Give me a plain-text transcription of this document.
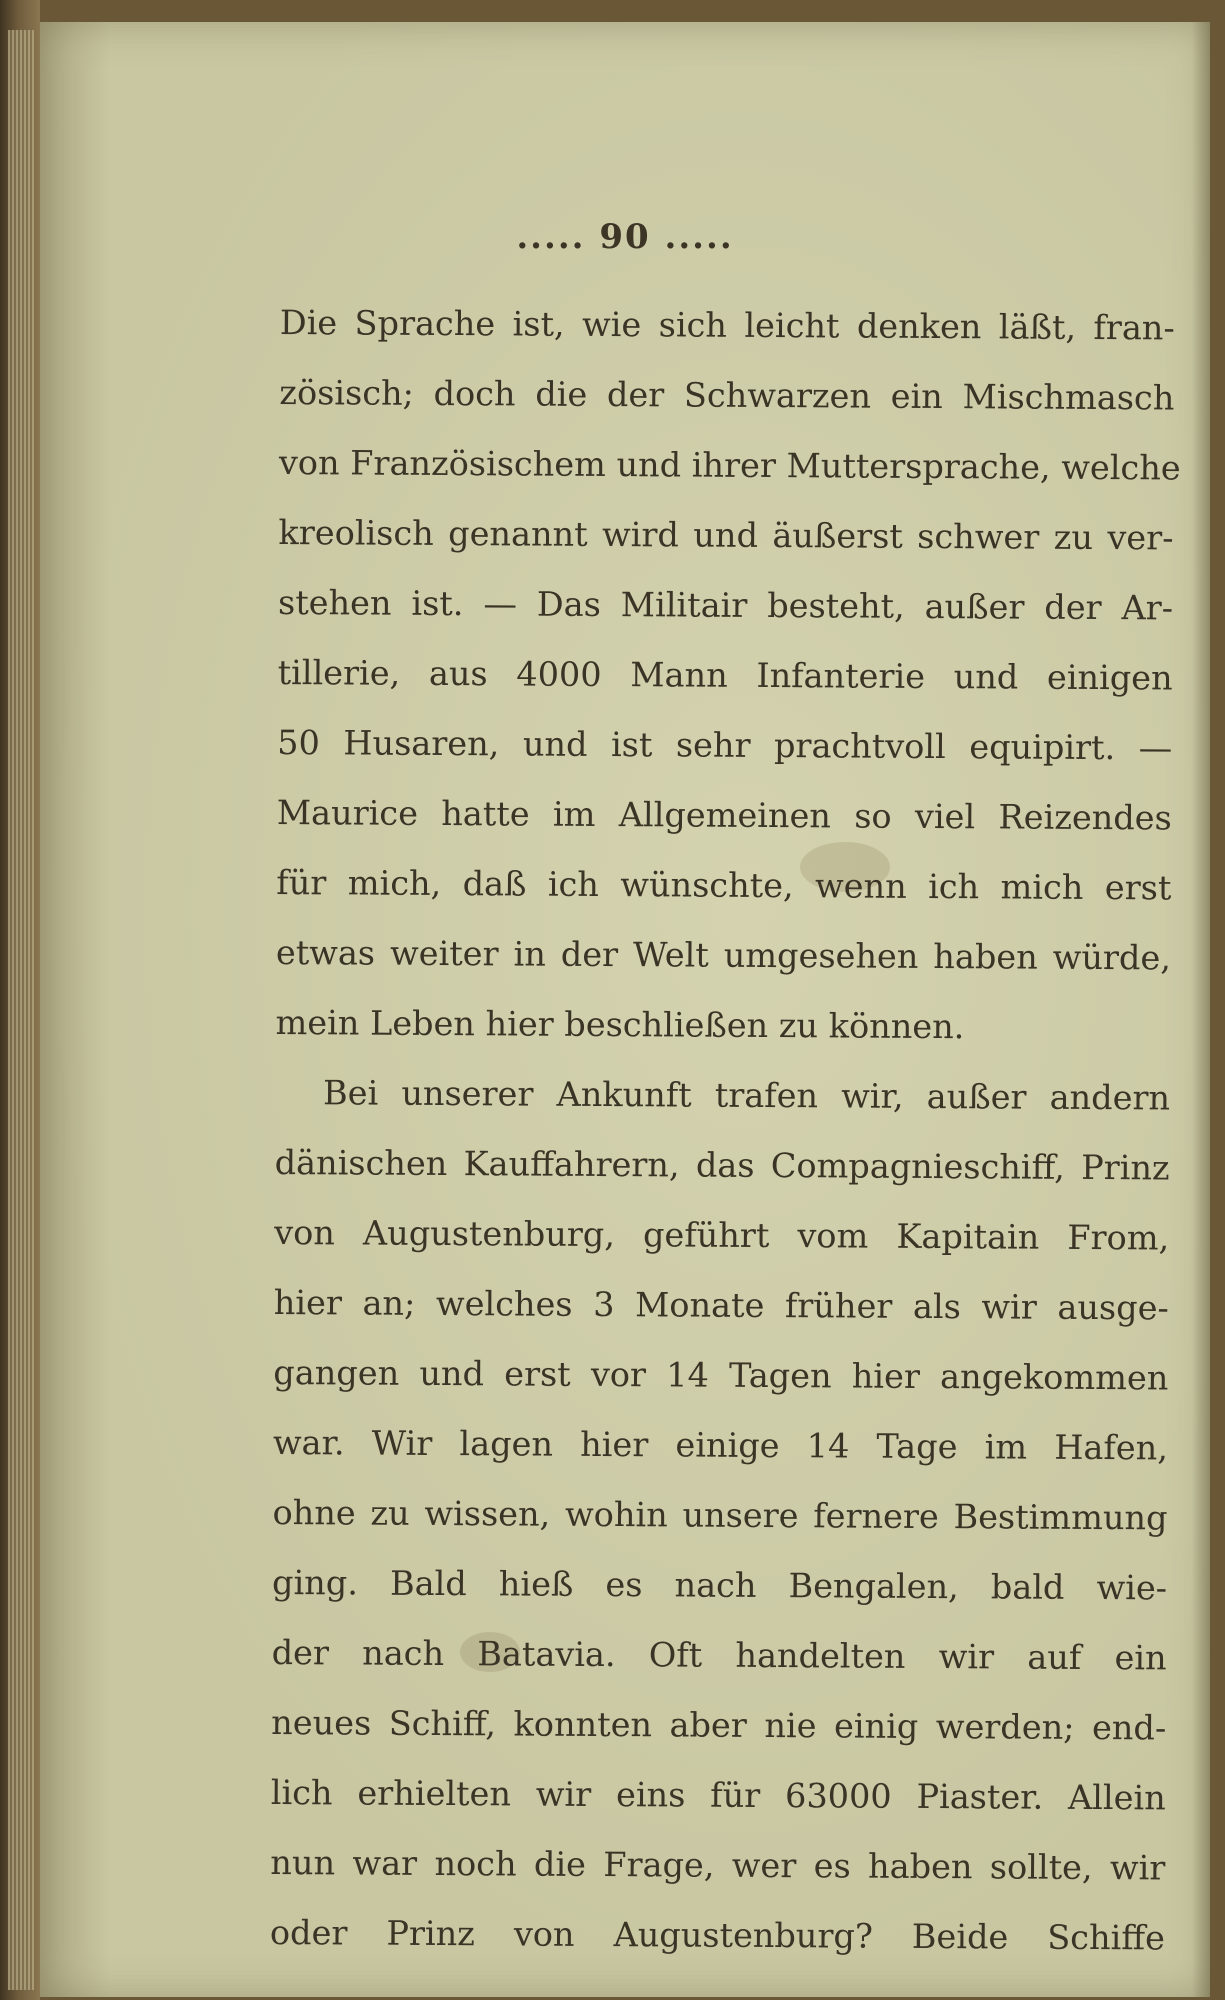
..... 90 .....

Die Sprache ist, wie sich leicht denken läßt, fran-
zösisch; doch die der Schwarzen ein Mischmasch
von Französischem und ihrer Muttersprache, welche
kreolisch genannt wird und äußerst schwer zu ver-
stehen ist. — Das Militair besteht, außer der Ar-
tillerie, aus 4000 Mann Infanterie und einigen
50 Husaren, und ist sehr prachtvoll equipirt. —
Maurice hatte im Allgemeinen so viel Reizendes
für mich, daß ich wünschte, wenn ich mich erst
etwas weiter in der Welt umgesehen haben würde,
mein Leben hier beschließen zu können.

Bei unserer Ankunft trafen wir, außer andern
dänischen Kauffahrern, das Compagnieschiff, Prinz
von Augustenburg, geführt vom Kapitain From,
hier an; welches 3 Monate früher als wir ausge-
gangen und erst vor 14 Tagen hier angekommen
war. Wir lagen hier einige 14 Tage im Hafen,
ohne zu wissen, wohin unsere fernere Bestimmung
ging. Bald hieß es nach Bengalen, bald wie-
der nach Batavia. Oft handelten wir auf ein
neues Schiff, konnten aber nie einig werden; end-
lich erhielten wir eins für 63000 Piaster. Allein
nun war noch die Frage, wer es haben sollte, wir
oder Prinz von Augustenburg? Beide Schiffe
